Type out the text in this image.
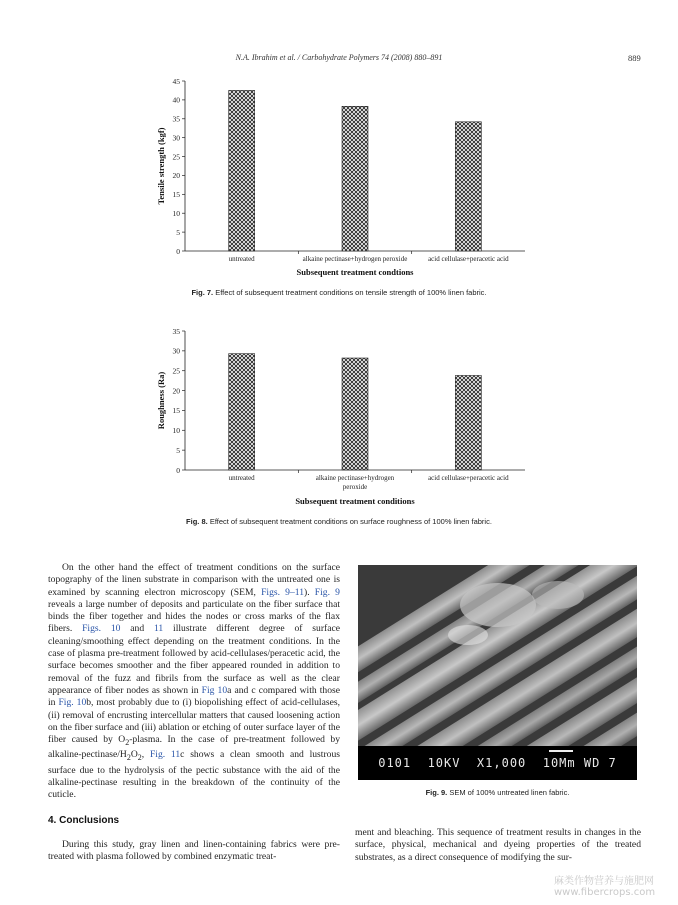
N.A. Ibrahim et al. / Carbohydrate Polymers 74 (2008) 880–891	889
0
5
10
15
20
25
30
35
40
45
untreated	alkaine pectinase+hydrogen peroxide	acid cellulase+peracetic acid
Subsequent treatment condtions
Tensile strength (kgf)
Fig. 7. Effect of subsequent treatment conditions on tensile strength of 100% linen fabric.
0
5
10
15
20
25
30
35
untreated	alkaine pectinase+hydrogen
peroxide
acid cellulase+peracetic acid
Subsequent treatment conditions
Roughness (Ra)
Fig. 8. Effect of subsequent treatment conditions on surface roughness of 100% linen fabric.

On the other hand the effect of treatment conditions on the surface topography of the linen substrate in comparison with the untreated one is examined by scanning electron microscopy (SEM, Figs. 9–11). Fig. 9 reveals a large number of deposits and particulate on the fiber surface that binds the fiber together and hides the nodes or cross marks of the flax fibers. Figs. 10 and 11 illustrate different degree of surface cleaning/smoothing effect depending on the treatment conditions. In the case of plasma pre-treatment followed by acid-cellulases/peracetic acid, the surface becomes smoother and the fiber appeared rounded in addition to removal of the fuzz and fibrils from the surface as well as the clear appearance of fiber nodes as shown in Fig 10a and c compared with those in Fig. 10b, most probably due to (i) biopolishing effect of acid-cellulases, (ii) removal of encrusting intercellular matters that caused loosening action on the fiber surface and (iii) ablation or etching of outer surface layer of the fiber caused by $O_2$-plasma. In the case of pre-treatment followed by alkaline-$pectinase/H_2O_2$, Fig. 11c shows a clean smooth and lustrous surface due to the hydrolysis of the pectic substance with the aid of the alkaline-pectinase resulting in the breakdown of the continuity of the cuticle.

4. Conclusions

During this study, gray linen and linen-containing fabrics were pre-treated with plasma followed by combined enzymatic treat-

0101  10KV  X1,000  10Mm WD 7
Fig. 9. SEM of 100% untreated linen fabric.

ment and bleaching. This sequence of treatment results in changes in the surface, physical, mechanical and dyeing properties of the treated substrates, as a direct consequence of modifying the sur-

麻类作物营养与施肥网
www.fibercrops.com
